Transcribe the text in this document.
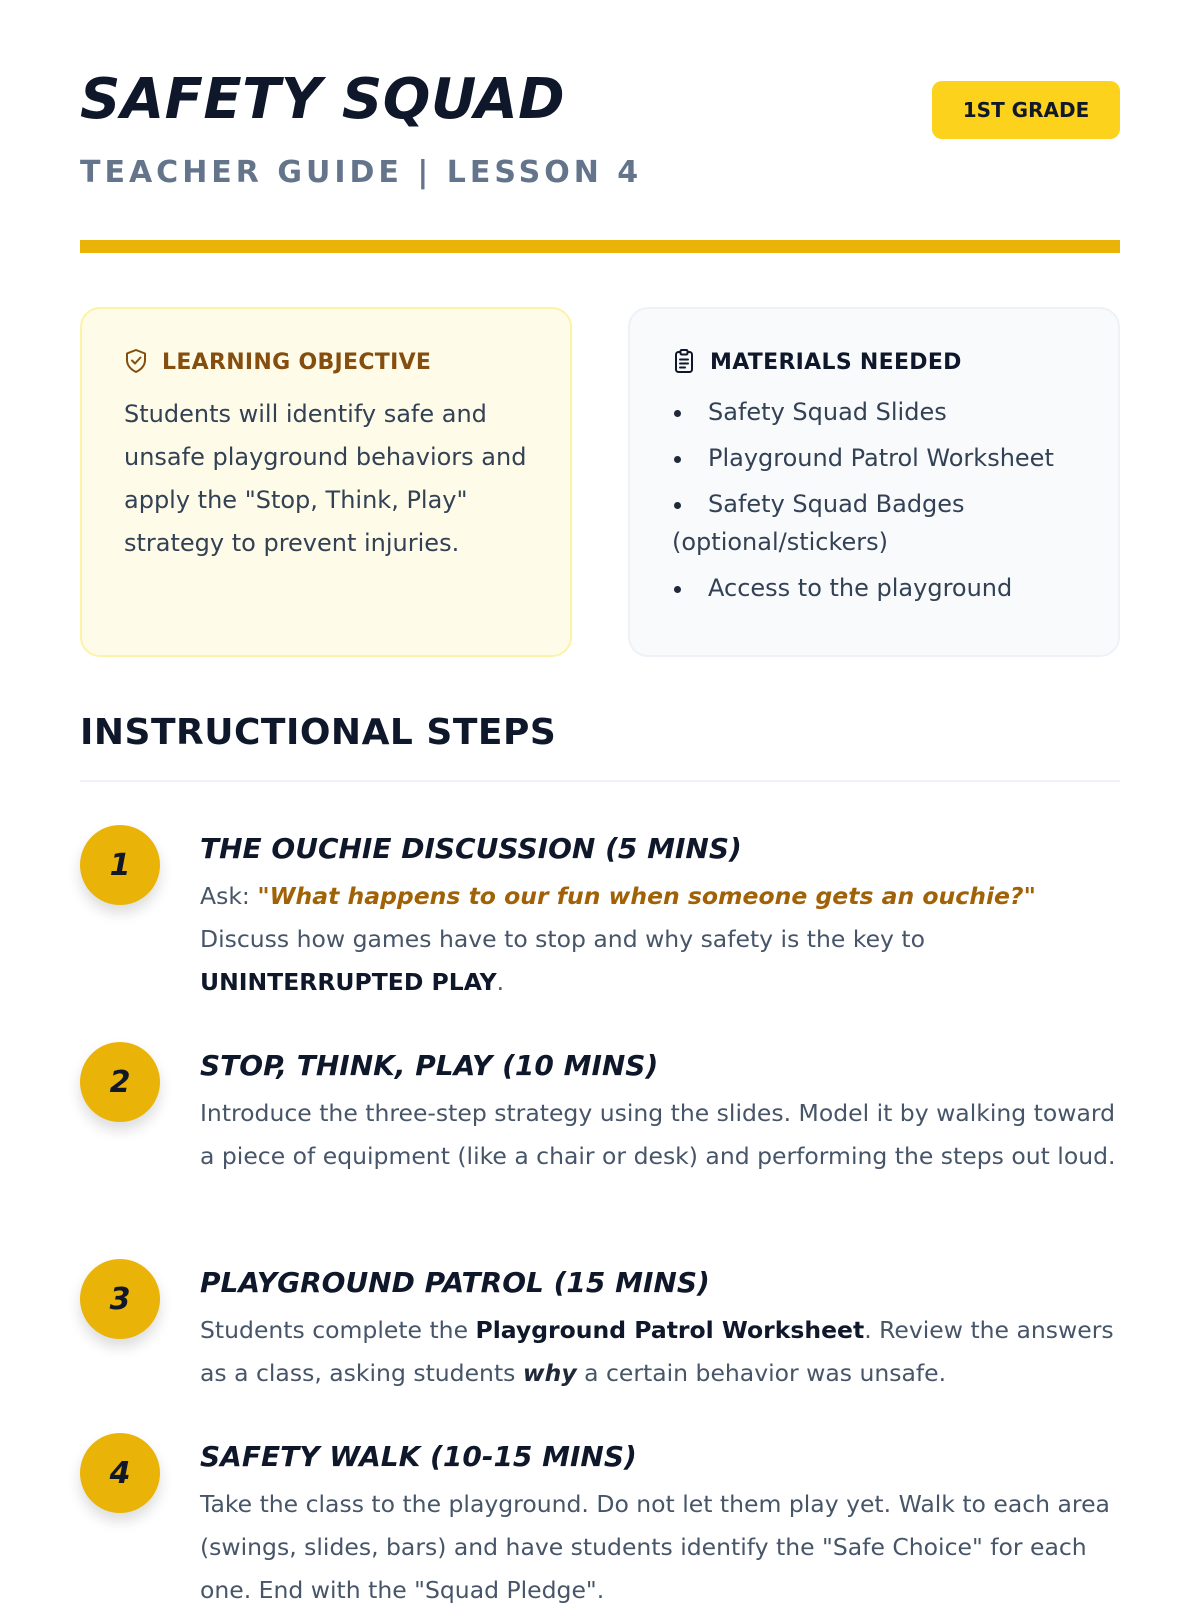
SAFETY SQUAD
TEACHER GUIDE | LESSON 4
1ST GRADE
LEARNING OBJECTIVE

Students will identify safe and unsafe playground behaviors and apply the "Stop, Think, Play" strategy to prevent injuries.

MATERIALS NEEDED
Safety Squad Slides
Playground Patrol Worksheet
Safety Squad Badges (optional/stickers)
Access to the playground
INSTRUCTIONAL STEPS
1	THE OUCHIE DISCUSSION (5 MINS)

Ask: "What happens to our fun when someone gets an ouchie?" Discuss how games have to stop and why safety is the key to UNINTERRUPTED PLAY.

2	STOP, THINK, PLAY (10 MINS)

Introduce the three-step strategy using the slides. Model it by walking toward a piece of equipment (like a chair or desk) and performing the steps out loud.

3	PLAYGROUND PATROL (15 MINS)

Students complete the Playground Patrol Worksheet. Review the answers as a class, asking students why a certain behavior was unsafe.

4	SAFETY WALK (10-15 MINS)

Take the class to the playground. Do not let them play yet. Walk to each area (swings, slides, bars) and have students identify the "Safe Choice" for each one. End with the "Squad Pledge".
